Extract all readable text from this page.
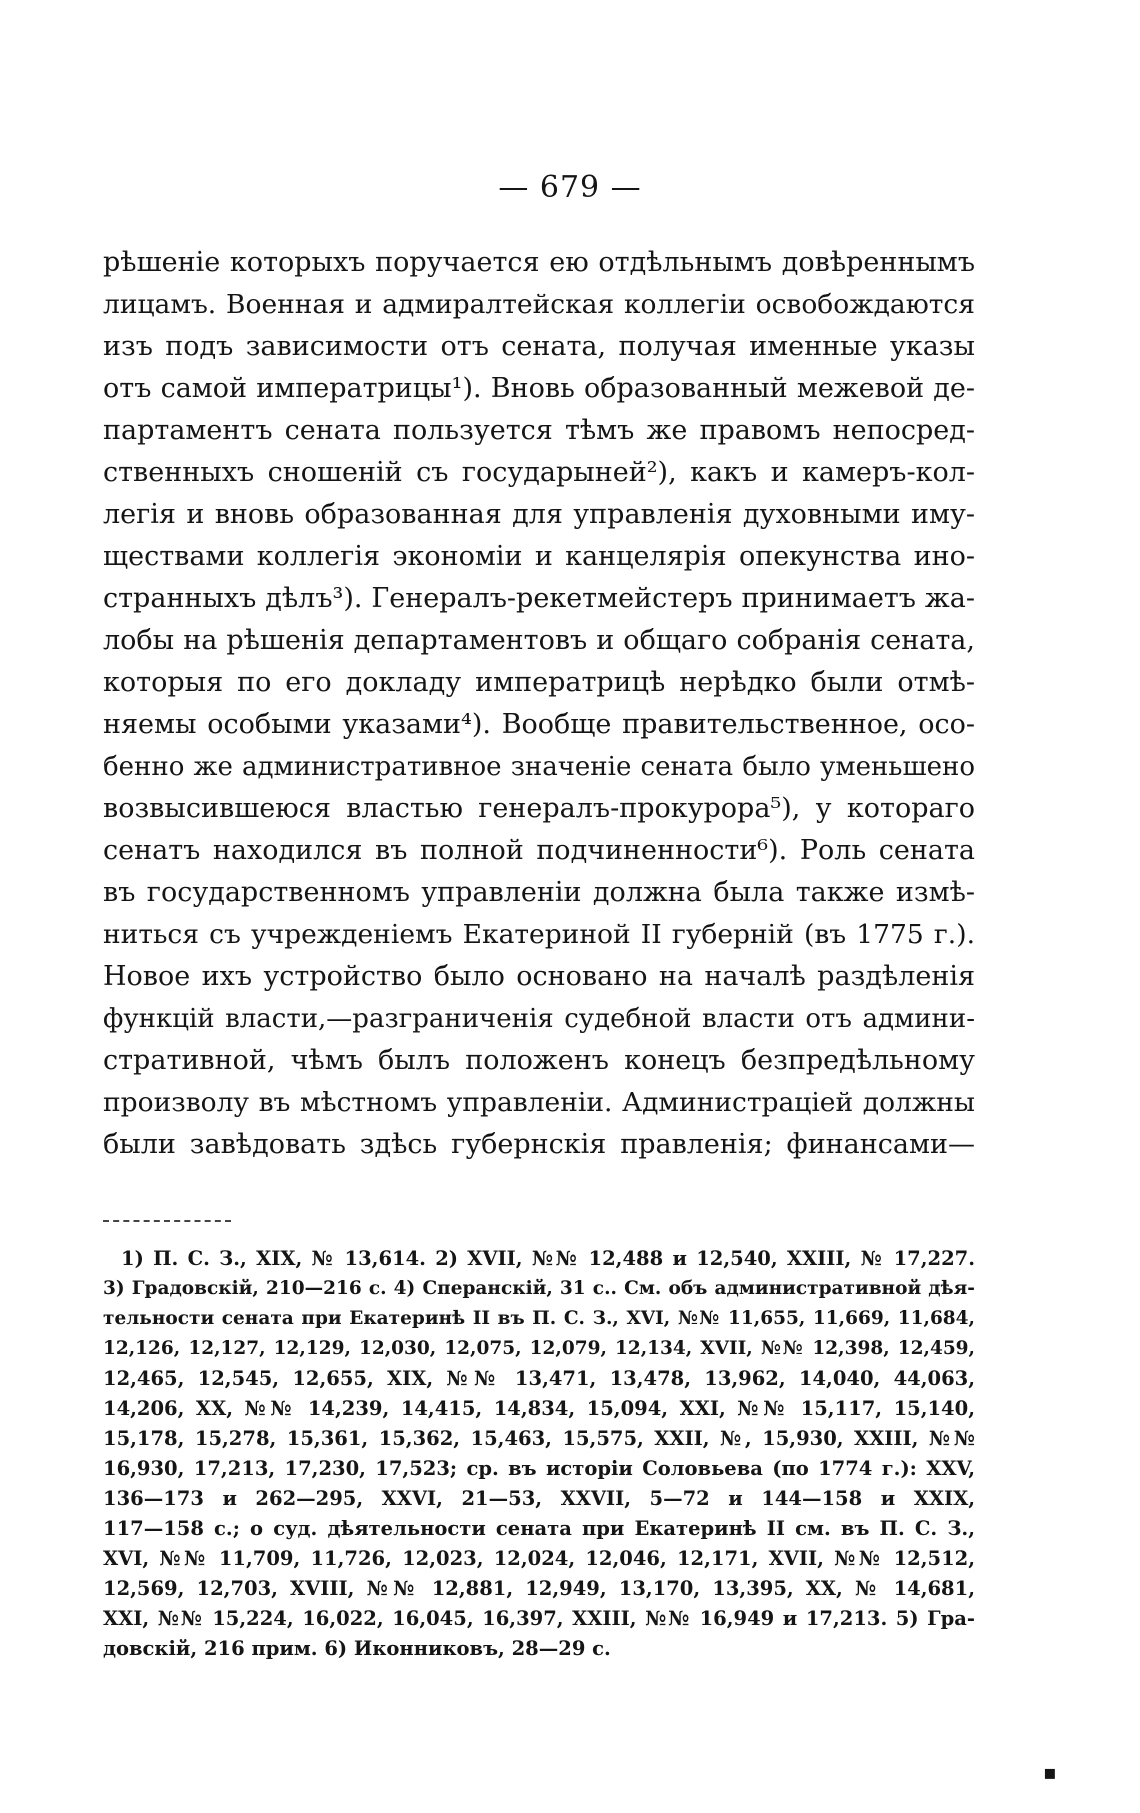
— 679 —
рѣшеніе которыхъ поручается ею отдѣльнымъ довѣреннымъ
лицамъ. Военная и адмиралтейская коллегіи освобождаются
изъ подъ зависимости отъ сената, получая именные указы
отъ самой императрицы¹). Вновь образованный межевой де-
партаментъ сената пользуется тѣмъ же правомъ непосред-
ственныхъ сношеній съ государыней²), какъ и камеръ-кол-
легія и вновь образованная для управленія духовными иму-
ществами коллегія экономіи и канцелярія опекунства ино-
странныхъ дѣлъ³). Генералъ-рекетмейстеръ принимаетъ жа-
лобы на рѣшенія департаментовъ и общаго собранія сената,
которыя по его докладу императрицѣ нерѣдко были отмѣ-
няемы особыми указами⁴). Вообще правительственное, осо-
бенно же административное значеніе сената было уменьшено
возвысившеюся властью генералъ-прокурора⁵), у котораго
сенатъ находился въ полной подчиненности⁶). Роль сената
въ государственномъ управленіи должна была также измѣ-
ниться съ учрежденіемъ Екатериной II губерній (въ 1775 г.).
Новое ихъ устройство было основано на началѣ раздѣленія
функцій власти,—разграниченія судебной власти отъ админи-
стративной, чѣмъ былъ положенъ конецъ безпредѣльному
произволу въ мѣстномъ управленіи. Администраціей должны
были завѣдовать здѣсь губернскія правленія; финансами—
1) П. С. З., XIX, № 13,614. 2) XVII, №№ 12,488 и 12,540, XXIII, № 17,227.
3) Градовскій, 210—216 с. 4) Сперанскій, 31 с.. См. объ административной дѣя-
тельности сената при Екатеринѣ II въ П. С. З., XVI, №№ 11,655, 11,669, 11,684,
12,126, 12,127, 12,129, 12,030, 12,075, 12,079, 12,134, XVII, №№ 12,398, 12,459,
12,465, 12,545, 12,655, XIX, №№ 13,471, 13,478, 13,962, 14,040, 44,063,
14,206, XX, №№ 14,239, 14,415, 14,834, 15,094, XXI, №№ 15,117, 15,140,
15,178, 15,278, 15,361, 15,362, 15,463, 15,575, XXII, №, 15,930, XXIII, №№
16,930, 17,213, 17,230, 17,523; ср. въ исторіи Соловьева (по 1774 г.): XXV,
136—173 и 262—295, XXVI, 21—53, XXVII, 5—72 и 144—158 и XXIX,
117—158 с.; о суд. дѣятельности сената при Екатеринѣ II см. въ П. С. З.,
XVI, №№ 11,709, 11,726, 12,023, 12,024, 12,046, 12,171, XVII, №№ 12,512,
12,569, 12,703, XVIII, №№ 12,881, 12,949, 13,170, 13,395, XX, № 14,681,
XXI, №№ 15,224, 16,022, 16,045, 16,397, XXIII, №№ 16,949 и 17,213. 5) Гра-
довскій, 216 прим. 6) Иконниковъ, 28—29 с.
▪
